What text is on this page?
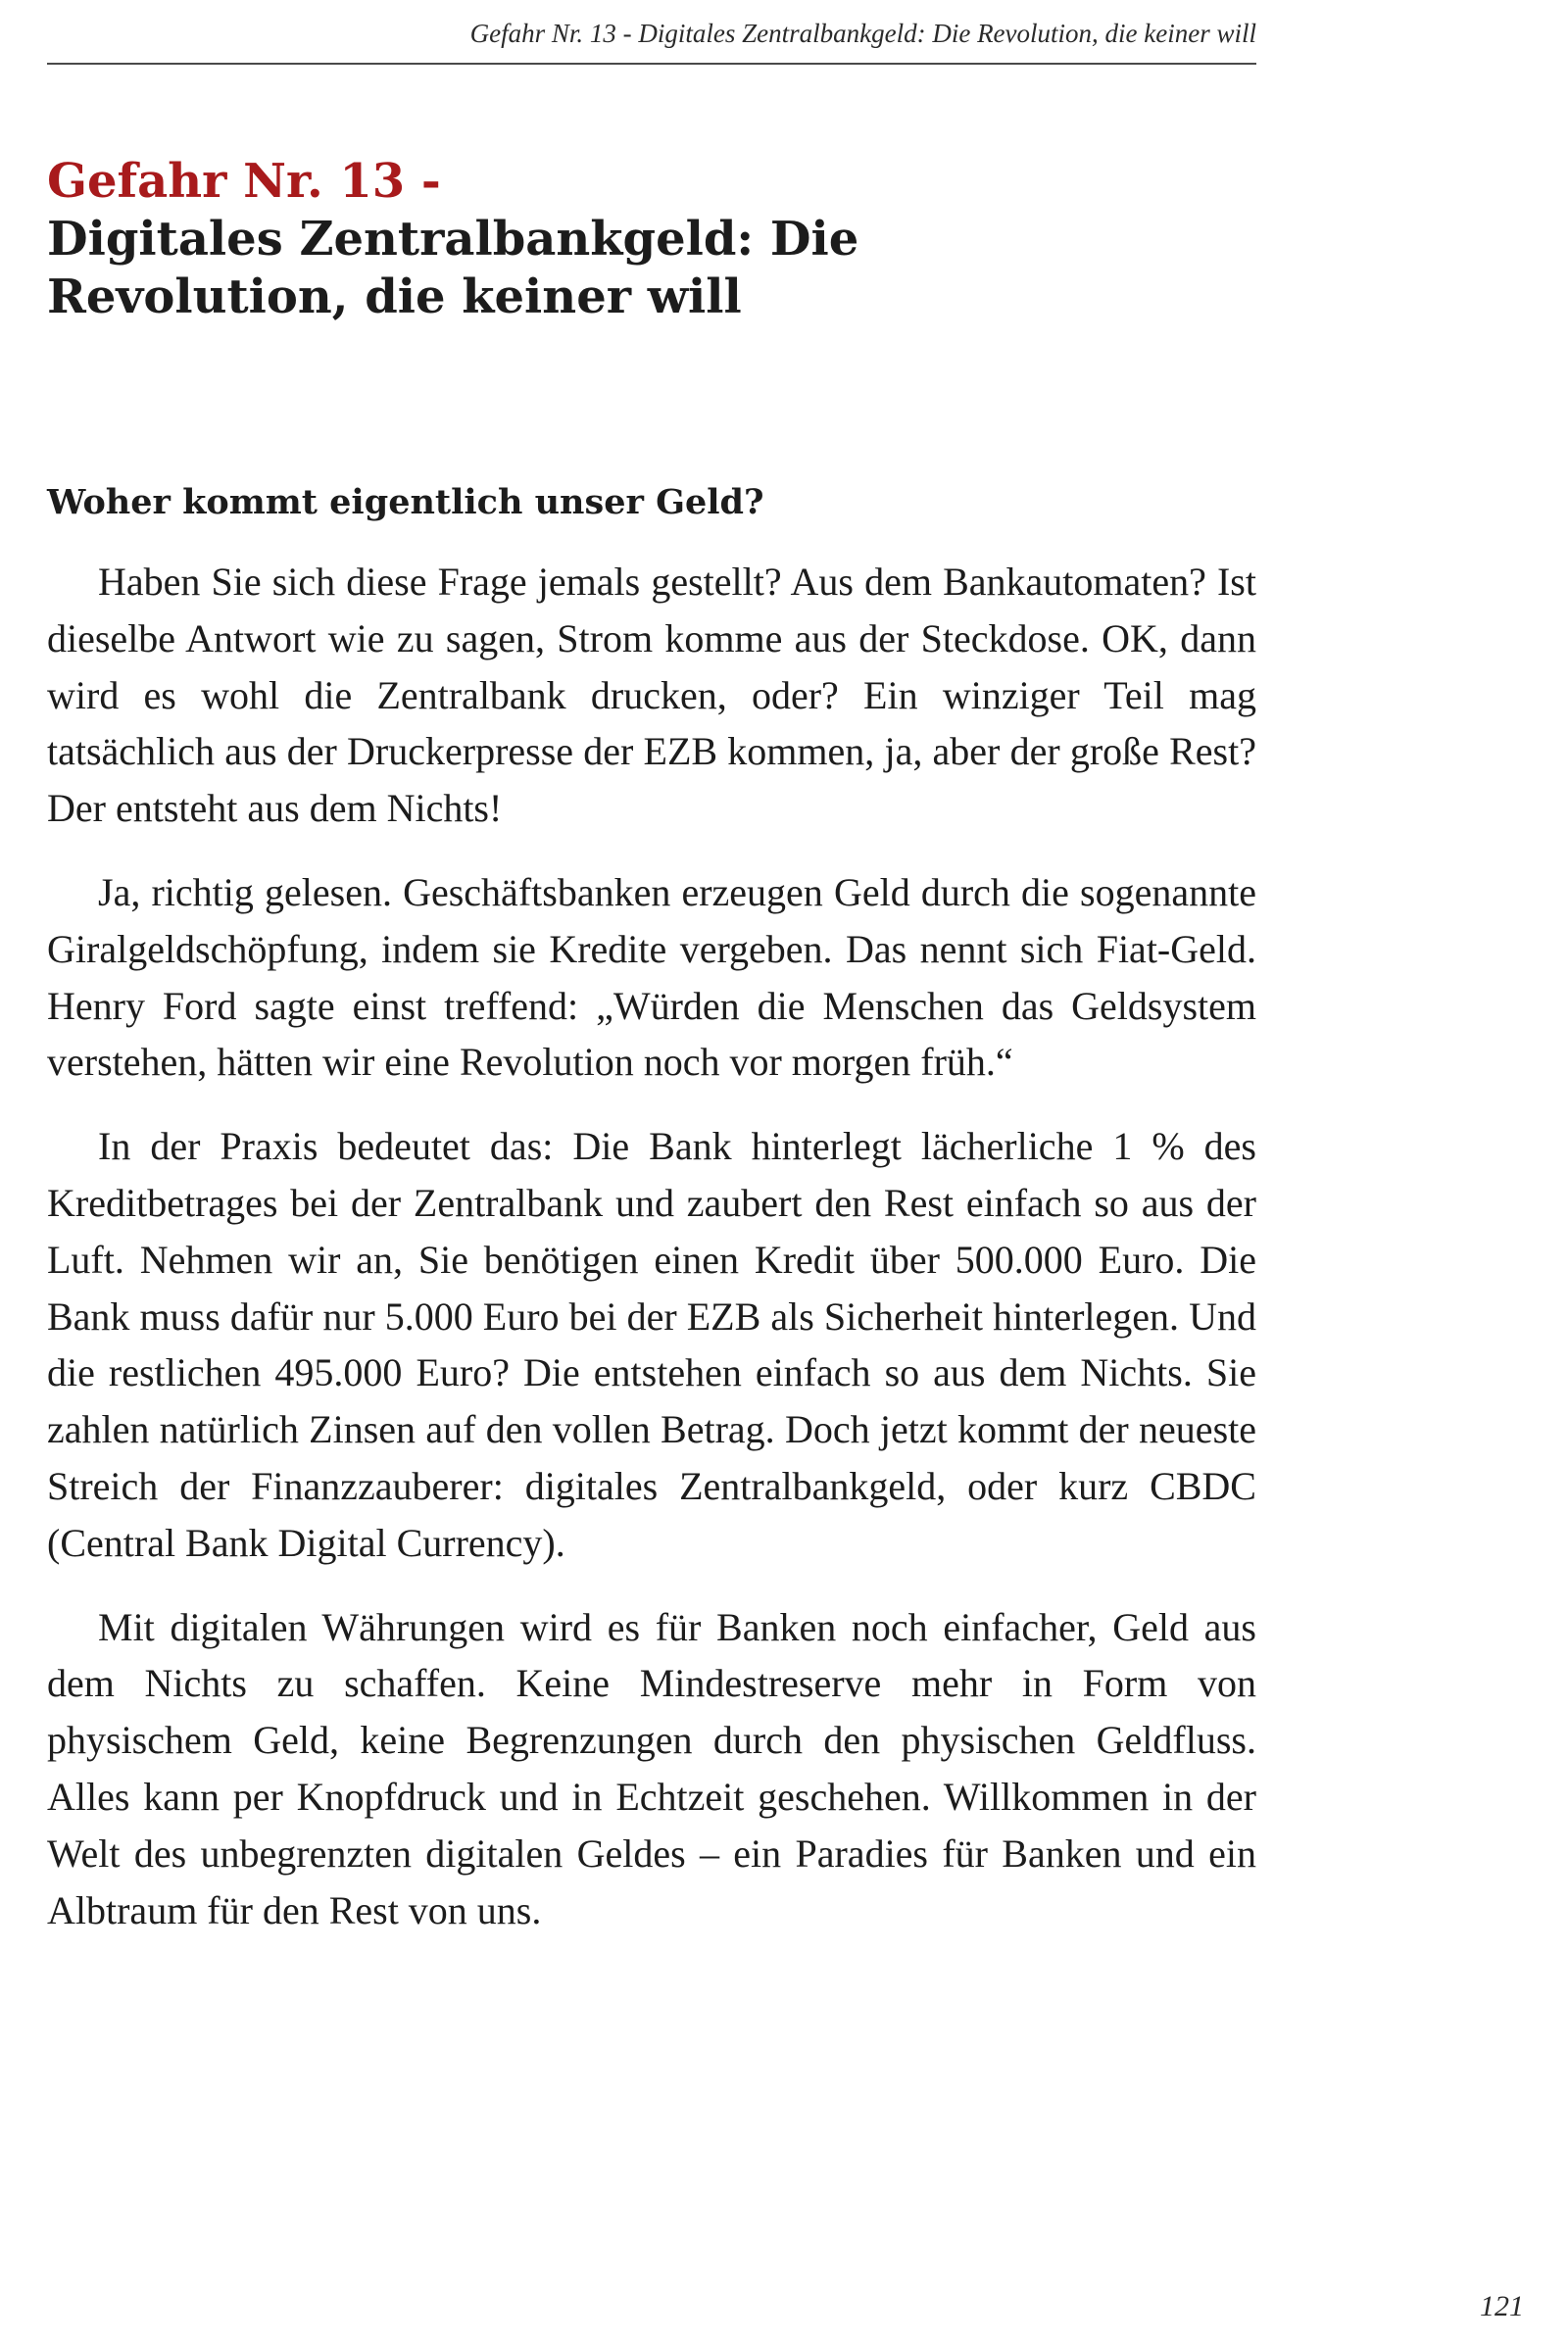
Gefahr Nr. 13 - Digitales Zentralbankgeld: Die Revolution, die keiner will
Gefahr Nr. 13 -
Digitales Zentralbankgeld: Die
Revolution, die keiner will
Woher kommt eigentlich unser Geld?

Haben Sie sich diese Frage jemals gestellt? Aus dem Bankautomaten? Ist dieselbe Antwort wie zu sagen, Strom komme aus der Steckdose. OK, dann wird es wohl die Zentralbank drucken, oder? Ein winziger Teil mag tatsächlich aus der Druckerpresse der EZB kommen, ja, aber der große Rest? Der entsteht aus dem Nichts!

Ja, richtig gelesen. Geschäftsbanken erzeugen Geld durch die sogenannte Giralgeldschöpfung, indem sie Kredite vergeben. Das nennt sich Fiat-Geld. Henry Ford sagte einst treffend: „Würden die Menschen das Geldsystem verstehen, hätten wir eine Revolution noch vor morgen früh.“

In der Praxis bedeutet das: Die Bank hinterlegt lächerliche 1 % des Kreditbetrages bei der Zentralbank und zaubert den Rest einfach so aus der Luft. Nehmen wir an, Sie benötigen einen Kredit über 500.000 Euro. Die Bank muss dafür nur 5.000 Euro bei der EZB als Sicherheit hinterlegen. Und die restlichen 495.000 Euro? Die entstehen einfach so aus dem Nichts. Sie zahlen natürlich Zinsen auf den vollen Betrag. Doch jetzt kommt der neueste Streich der Finanzzauberer: digitales Zentralbankgeld, oder kurz CBDC (Central Bank Digital Currency).

Mit digitalen Währungen wird es für Banken noch einfacher, Geld aus dem Nichts zu schaffen. Keine Mindestreserve mehr in Form von physischem Geld, keine Begrenzungen durch den physischen Geldfluss. Alles kann per Knopfdruck und in Echtzeit geschehen. Willkommen in der Welt des unbegrenzten digitalen Geldes – ein Paradies für Banken und ein Albtraum für den Rest von uns.

121
